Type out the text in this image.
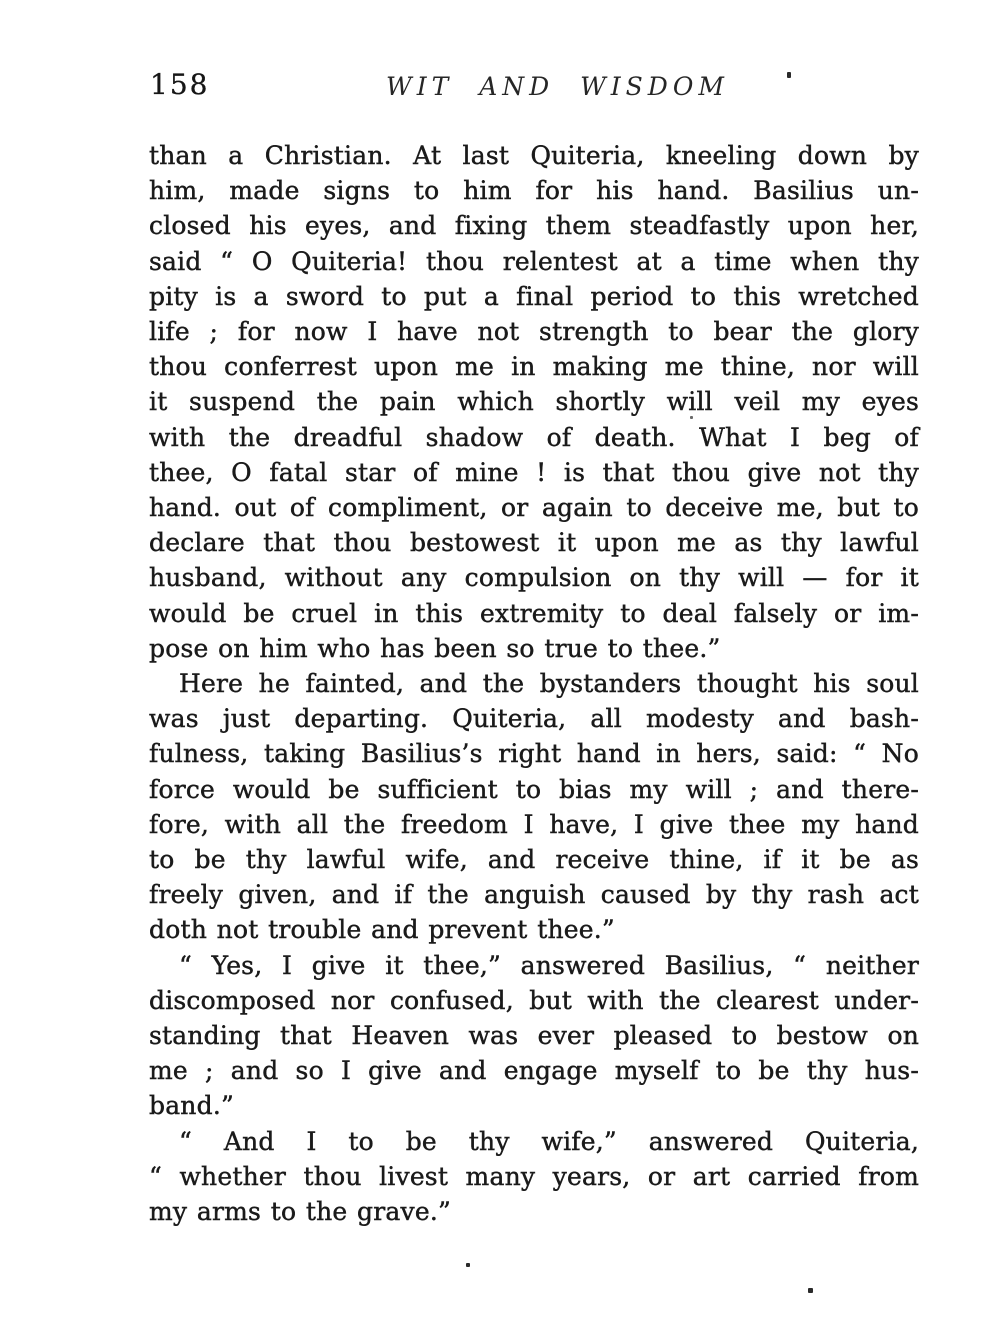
158	WIT AND WISDOM
than a Christian. At last Quiteria, kneeling down by
him, made signs to him for his hand. Basilius un-
closed his eyes, and fixing them steadfastly upon her,
said “ O Quiteria! thou relentest at a time when thy
pity is a sword to put a final period to this wretched
life ; for now I have not strength to bear the glory
thou conferrest upon me in making me thine, nor will
it suspend the pain which shortly will veil my eyes
with the dreadful shadow of death. What I beg of
thee, O fatal star of mine ! is that thou give not thy
hand. out of compliment, or again to deceive me, but to
declare that thou bestowest it upon me as thy lawful
husband, without any compulsion on thy will — for it
would be cruel in this extremity to deal falsely or im-
pose on him who has been so true to thee.”
Here he fainted, and the bystanders thought his soul
was just departing. Quiteria, all modesty and bash-
fulness, taking Basilius’s right hand in hers, said: “ No
force would be sufficient to bias my will ; and there-
fore, with all the freedom I have, I give thee my hand
to be thy lawful wife, and receive thine, if it be as
freely given, and if the anguish caused by thy rash act
doth not trouble and prevent thee.”
“ Yes, I give it thee,” answered Basilius, “ neither
discomposed nor confused, but with the clearest under-
standing that Heaven was ever pleased to bestow on
me ; and so I give and engage myself to be thy hus-
band.”
“ And I to be thy wife,” answered Quiteria,
“ whether thou livest many years, or art carried from
my arms to the grave.”
